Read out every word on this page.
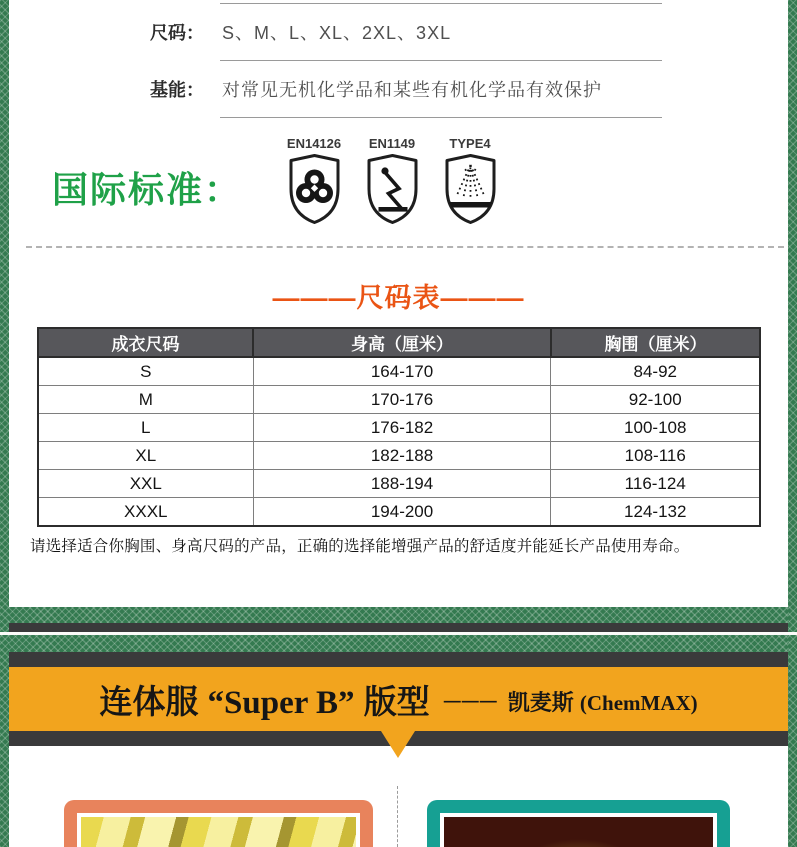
尺码：	S、M、L、XL、2XL、3XL
基能：	对常见无机化学品和某些有机化学品有效保护
国际标准：
EN14126 EN1149	TYPE4
———尺码表———
成衣尺码	身高（厘米）	胸围（厘米）
S	164-170	84-92
M	170-176	92-100
L	176-182	100-108
XL	182-188	108-116
XXL	188-194	116-124
XXXL	194-200	124-132
请选择适合你胸围、身高尺码的产品，正确的选择能增强产品的舒适度并能延长产品使用寿命。
连体服 “Super B” 版型 ——— 凯麦斯 (ChemMAX)
